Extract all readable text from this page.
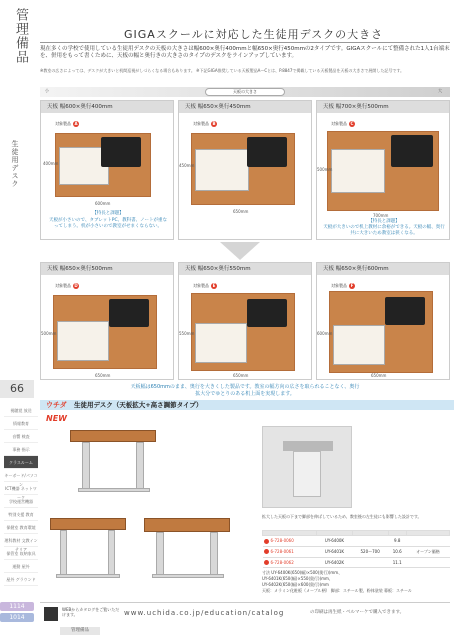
管理備品
生徒用デスク
66
視聴覚 放送
情報教育
音響 検査
事務 指示
クラスルーム
キーボード/パソコン
ICT機器 ネットワーク
学校運営機器
特別支援 教育
保健室 教育環境
理科教材 文教インテリア
保管室 収納家具
運動 屋外
屋外 グラウンド
1114
1014
GIGAスクールに対応した生徒用デスクの大きさ
現在多くの学校で使用している生徒用デスクの天板の大きさは幅600×奥行400mmと幅650×奥行450mmの2タイプです。GIGAスクールにて整備された1人1台端末を、併用をもって書くために、天板の幅と奥行きの大きさのタイプのデスクをラインアップしています。
※教室の広さによっては、デスクが大きいと机間巡視がしづらくなる場合もあります。 ※下記GIGA推奨している天板製品A〜Cとは、P.8847で掲載している天板製品を天板の大きさで展開した記号です。
小	天板の大きさ	大
天板 幅600×奥行400mm
対象製品 A
400mm
600mm
【特長と課題】
天板が小さいので、タブレットPC、教科書、ノートが重なってしまう。机が小さいので教室がせまくならない。
天板 幅650×奥行450mm
対象製品 B
450mm
650mm
天板 幅700×奥行500mm
対象製品 C
500mm
700mm
【特長と課題】
天板が大きいので机上教材に余裕ができる。天板の幅、奥行共に大きいため教室は狭くなる。
天板 幅650×奥行500mm
対象製品 D
500mm
650mm
天板 幅650×奥行550mm
対象製品 E
550mm
650mm
天板 幅650×奥行600mm
対象製品 F
600mm
650mm
天板幅は650mmのまま、奥行を大きくした製品です。教室の幅方向の広さを取られることなく、奥行拡大分でゆとりのある机上面を実現します。
ウチダ 生徒用デスク（天板拡大+高さ調節タイプ）
NEW
拡大した天板の下まで脚部を伸ばしているため、教室後の左生徒にも影響した設計です。

6-728-0060	UY-6400K		9.8	
6-728-0061	UY-6401K	520〜700	10.6	オープン価格
6-728-0062	UY-6402K		11.1	
寸法 UY-6400K(650(幅)×500(奥行))mm、
UY-6401K(650(幅)×550(奥行))mm、
UY-6402K(650(幅)×600(奥行))mm
天板：メラミン化粧板（メープル柄） 脚部：スチール製、粉体塗装 幕板：スチール
WEBからカタログをご覧いただけます。	www.uchida.co.jp/education/catalog	の印刷は再生紙・ベルマーケで購入できます。
管理備品
